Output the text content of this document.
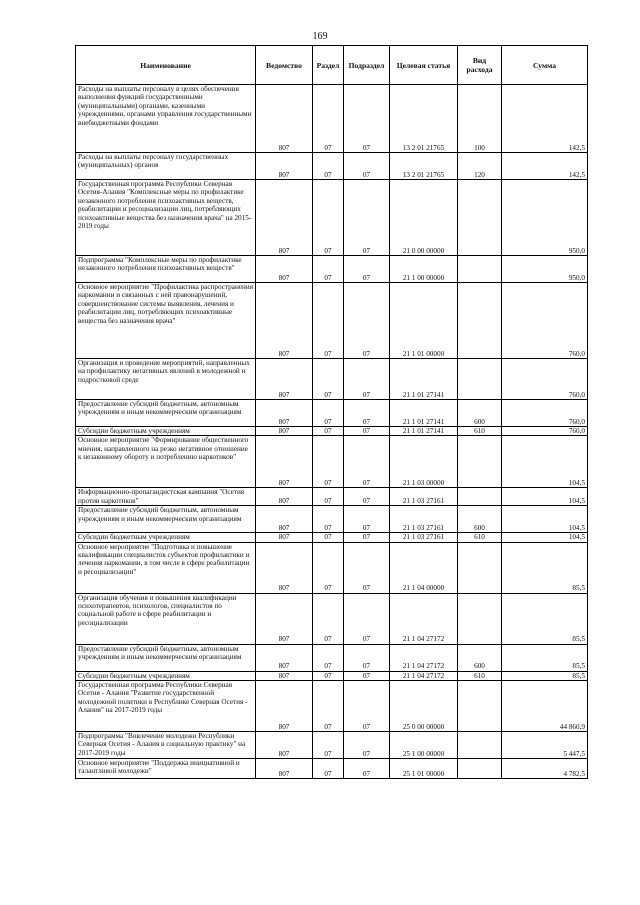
169
Наименование	Ведомство	Раздел	Подраздел	Целевая статья	Вид расхода	Сумма
Расходы на выплаты персоналу в целях обеспечения выполнения функций государственными (муниципальными) органами, казенными учреждениями, органами управления государственными внебюджетными фондами	807	07	07	13 2 01 21765	100	142,5
Расходы на выплаты персоналу государственных (муниципальных) органов	807	07	07	13 2 01 21765	120	142,5
Государственная программа Республики Северная Осетия-Алания "Комплексные меры по профилактике незаконного потребления психоактивных веществ, реабилитации и ресоциализации лиц, потребляющих психоактивные вещества без назначения врача" на 2015-2019 годы	807	07	07	21 0 00 00000		950,0
Подпрограмма "Комплексные меры по профилактике незаконного потребления психоактивных веществ"	807	07	07	21 1 00 00000		950,0
Основное мероприятие "Профилактика распространения наркомании и связанных с ней правонарушений, совершенствование системы выявления, лечения и реабилитации лиц, потребляющих психоактивные вещества без назначения врача"	807	07	07	21 1 01 00000		760,0
Организация и проведение мероприятий, направленных на профилактику негативных явлений в молодежной и подростковой среде	807	07	07	21 1 01 27141		760,0
Предоставление субсидий бюджетным, автономным учреждениям и иным некоммерческим организациям	807	07	07	21 1 01 27141	600	760,0
Субсидии бюджетным учреждениям	807	07	07	21 1 01 27141	610	760,0
Основное мероприятие "Формирование общественного мнения, направленного на резко негативное отношение к незаконному обороту и потреблению наркотиков"	807	07	07	21 1 03 00000		104,5
Информационно-пропагандистская кампания "Осетия против наркотиков"	807	07	07	21 1 03 27161		104,5
Предоставление субсидий бюджетным, автономным учреждениям и иным некоммерческим организациям	807	07	07	21 1 03 27161	600	104,5
Субсидии бюджетным учреждениям	807	07	07	21 1 03 27161	610	104,5
Основное мероприятие "Подготовка и повышение квалификации специалистов субъектов профилактики и лечения наркомании, в том числе в сфере реабилитации и ресоциализации"	807	07	07	21 1 04 00000		85,5
Организация обучения и повышения квалификации психотерапевтов, психологов, специалистов по социальной работе в сфере реабилитации и ресоциализации	807	07	07	21 1 04 27172		85,5
Предоставление субсидий бюджетным, автономным учреждениям и иным некоммерческим организациям	807	07	07	21 1 04 27172	600	85,5
Субсидии бюджетным учреждениям	807	07	07	21 1 04 27172	610	85,5
Государственная программа Республики Северная Осетия - Алания "Развитие государственной молодежной политики в Республике Северная Осетия - Алания" на 2017-2019 годы	807	07	07	25 0 00 00000		44 860,9
Подпрограмма "Вовлечение молодежи Республики Северная Осетия - Алания в социальную практику" на 2017-2019 годы	807	07	07	25 1 00 00000		5 447,5
Основное мероприятие "Поддержка инициативной и талантливой молодежи"	807	07	07	25 1 01 00000		4 782,5
